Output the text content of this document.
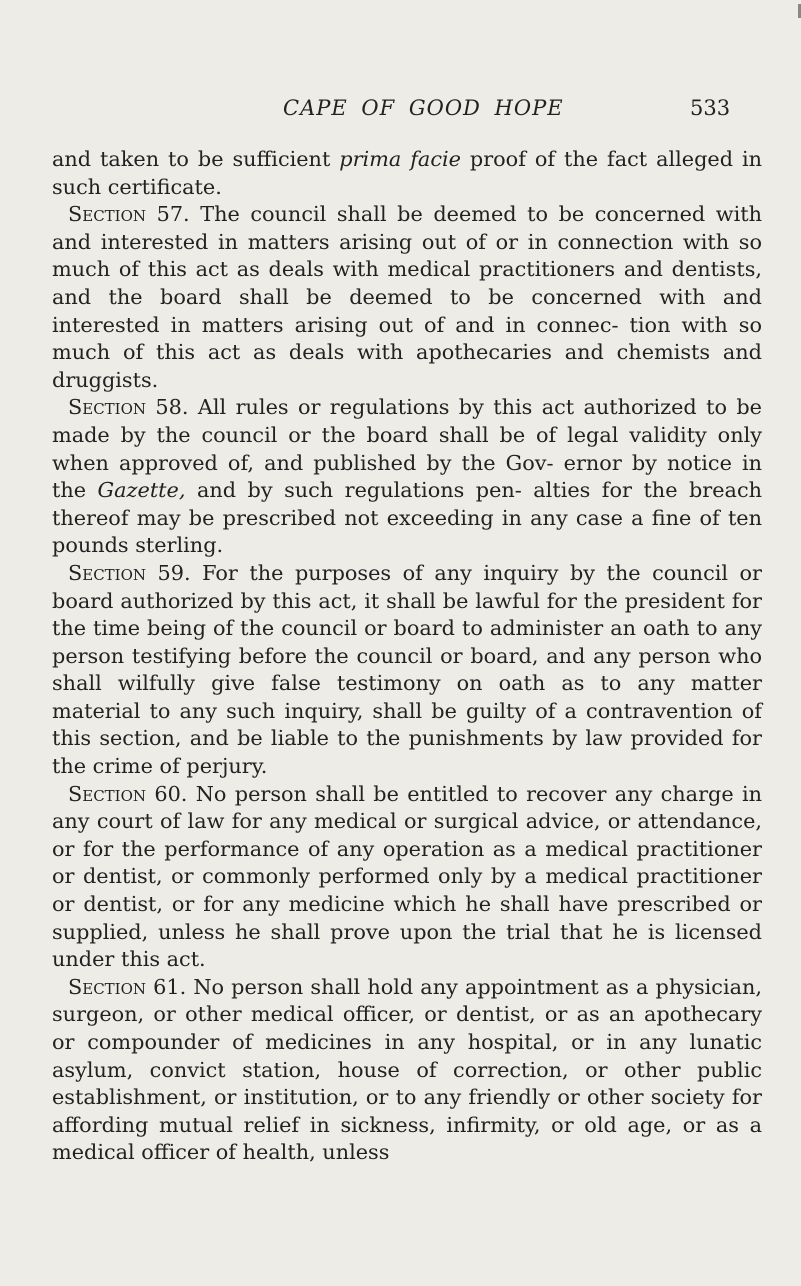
CAPE OF GOOD HOPE	533

and taken to be sufficient prima facie proof of the fact alleged in such certificate.

Section 57. The council shall be deemed to be concerned with and interested in matters arising out of or in connection with so much of this act as deals with medical practitioners and dentists, and the board shall be deemed to be concerned with and interested in matters arising out of and in connec- tion with so much of this act as deals with apothecaries and chemists and druggists.

Section 58. All rules or regulations by this act authorized to be made by the council or the board shall be of legal validity only when approved of, and published by the Gov- ernor by notice in the Gazette, and by such regulations pen- alties for the breach thereof may be prescribed not exceeding in any case a fine of ten pounds sterling.

Section 59. For the purposes of any inquiry by the council or board authorized by this act, it shall be lawful for the president for the time being of the council or board to administer an oath to any person testifying before the council or board, and any person who shall wilfully give false testimony on oath as to any matter material to any such inquiry, shall be guilty of a contravention of this section, and be liable to the punishments by law provided for the crime of perjury.

Section 60. No person shall be entitled to recover any charge in any court of law for any medical or surgical advice, or attendance, or for the performance of any operation as a medical practitioner or dentist, or commonly performed only by a medical practitioner or dentist, or for any medicine which he shall have prescribed or supplied, unless he shall prove upon the trial that he is licensed under this act.

Section 61. No person shall hold any appointment as a physician, surgeon, or other medical officer, or dentist, or as an apothecary or compounder of medicines in any hospital, or in any lunatic asylum, convict station, house of correction, or other public establishment, or institution, or to any friendly or other society for affording mutual relief in sickness, infirmity, or old age, or as a medical officer of health, unless
